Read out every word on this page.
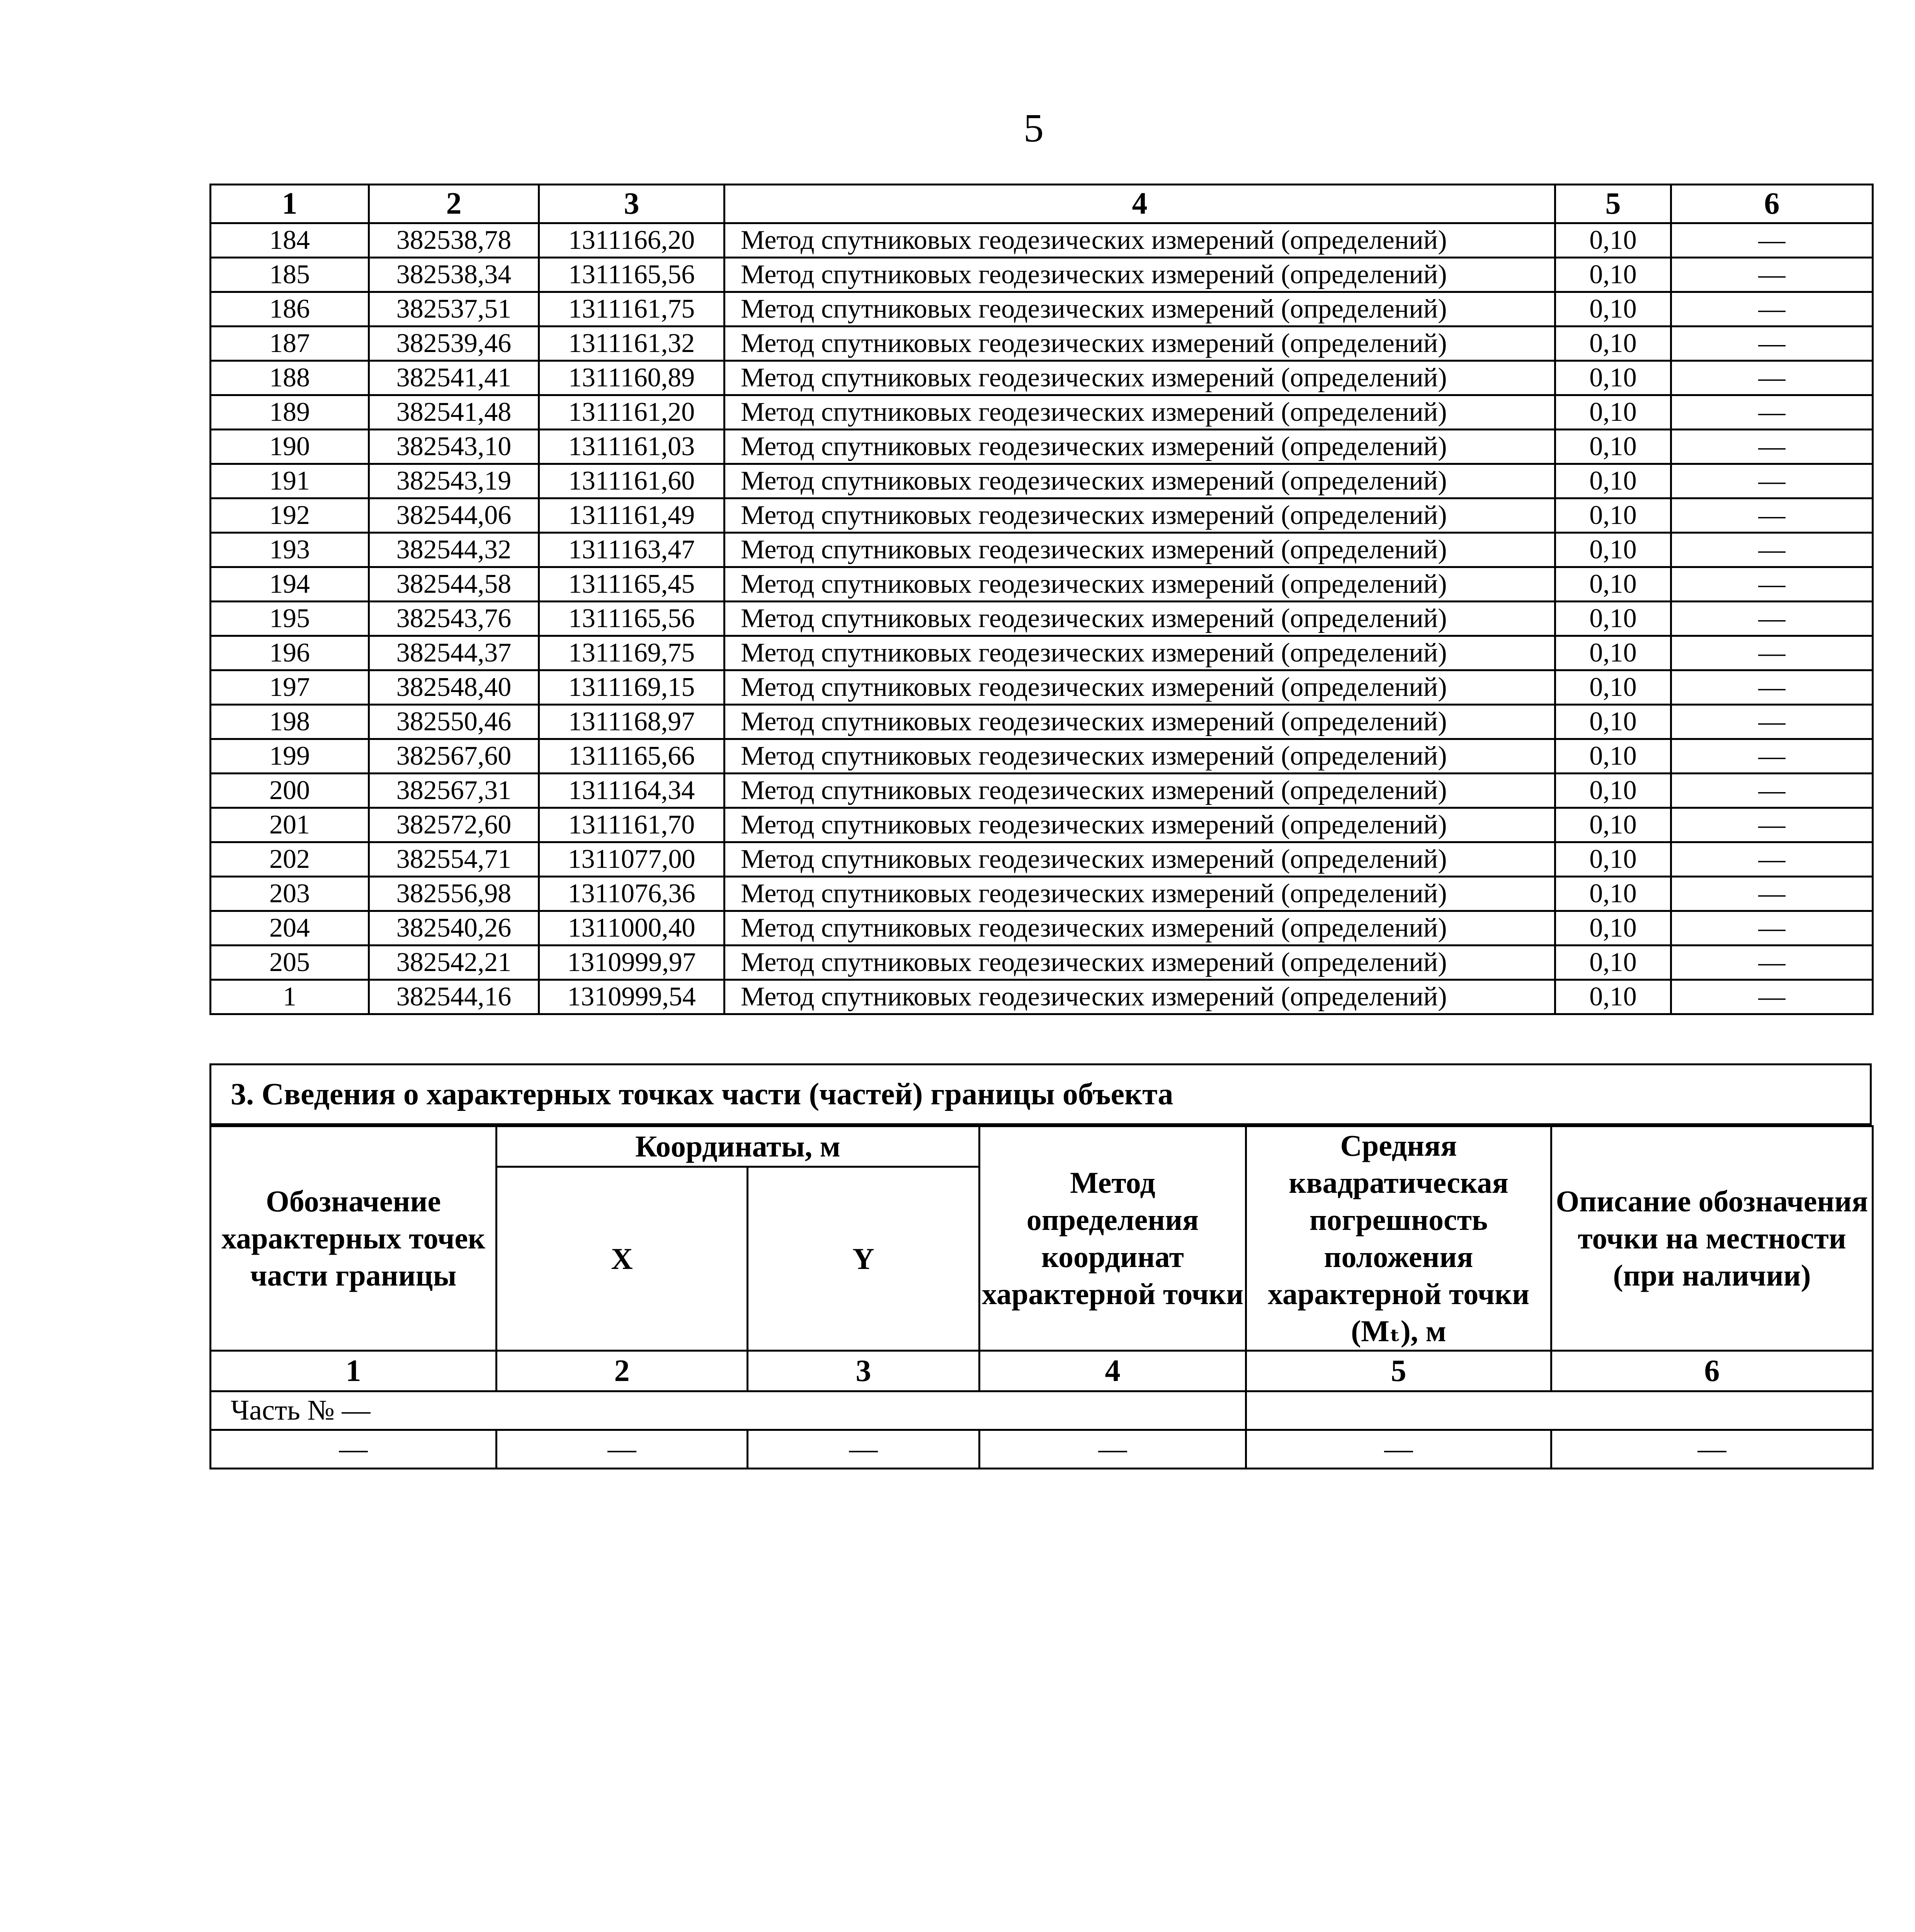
5
1	2	3	4	5	6
184	382538,78	1311166,20	Метод спутниковых геодезических измерений (определений)	0,10	—
185	382538,34	1311165,56	Метод спутниковых геодезических измерений (определений)	0,10	—
186	382537,51	1311161,75	Метод спутниковых геодезических измерений (определений)	0,10	—
187	382539,46	1311161,32	Метод спутниковых геодезических измерений (определений)	0,10	—
188	382541,41	1311160,89	Метод спутниковых геодезических измерений (определений)	0,10	—
189	382541,48	1311161,20	Метод спутниковых геодезических измерений (определений)	0,10	—
190	382543,10	1311161,03	Метод спутниковых геодезических измерений (определений)	0,10	—
191	382543,19	1311161,60	Метод спутниковых геодезических измерений (определений)	0,10	—
192	382544,06	1311161,49	Метод спутниковых геодезических измерений (определений)	0,10	—
193	382544,32	1311163,47	Метод спутниковых геодезических измерений (определений)	0,10	—
194	382544,58	1311165,45	Метод спутниковых геодезических измерений (определений)	0,10	—
195	382543,76	1311165,56	Метод спутниковых геодезических измерений (определений)	0,10	—
196	382544,37	1311169,75	Метод спутниковых геодезических измерений (определений)	0,10	—
197	382548,40	1311169,15	Метод спутниковых геодезических измерений (определений)	0,10	—
198	382550,46	1311168,97	Метод спутниковых геодезических измерений (определений)	0,10	—
199	382567,60	1311165,66	Метод спутниковых геодезических измерений (определений)	0,10	—
200	382567,31	1311164,34	Метод спутниковых геодезических измерений (определений)	0,10	—
201	382572,60	1311161,70	Метод спутниковых геодезических измерений (определений)	0,10	—
202	382554,71	1311077,00	Метод спутниковых геодезических измерений (определений)	0,10	—
203	382556,98	1311076,36	Метод спутниковых геодезических измерений (определений)	0,10	—
204	382540,26	1311000,40	Метод спутниковых геодезических измерений (определений)	0,10	—
205	382542,21	1310999,97	Метод спутниковых геодезических измерений (определений)	0,10	—
1	382544,16	1310999,54	Метод спутниковых геодезических измерений (определений)	0,10	—
3. Сведения о характерных точках части (частей) границы объекта
Обозначение характерных точек части границы	Координаты, м		Метод определения координат характерной точки	Средняя квадратическая погрешность положения характерной точки (Mₜ), м	Описание обозначения точки на местности (при наличии)
	X	Y			
1	2	3	4	5	6
Часть № —					
—	—	—	—	—	—
